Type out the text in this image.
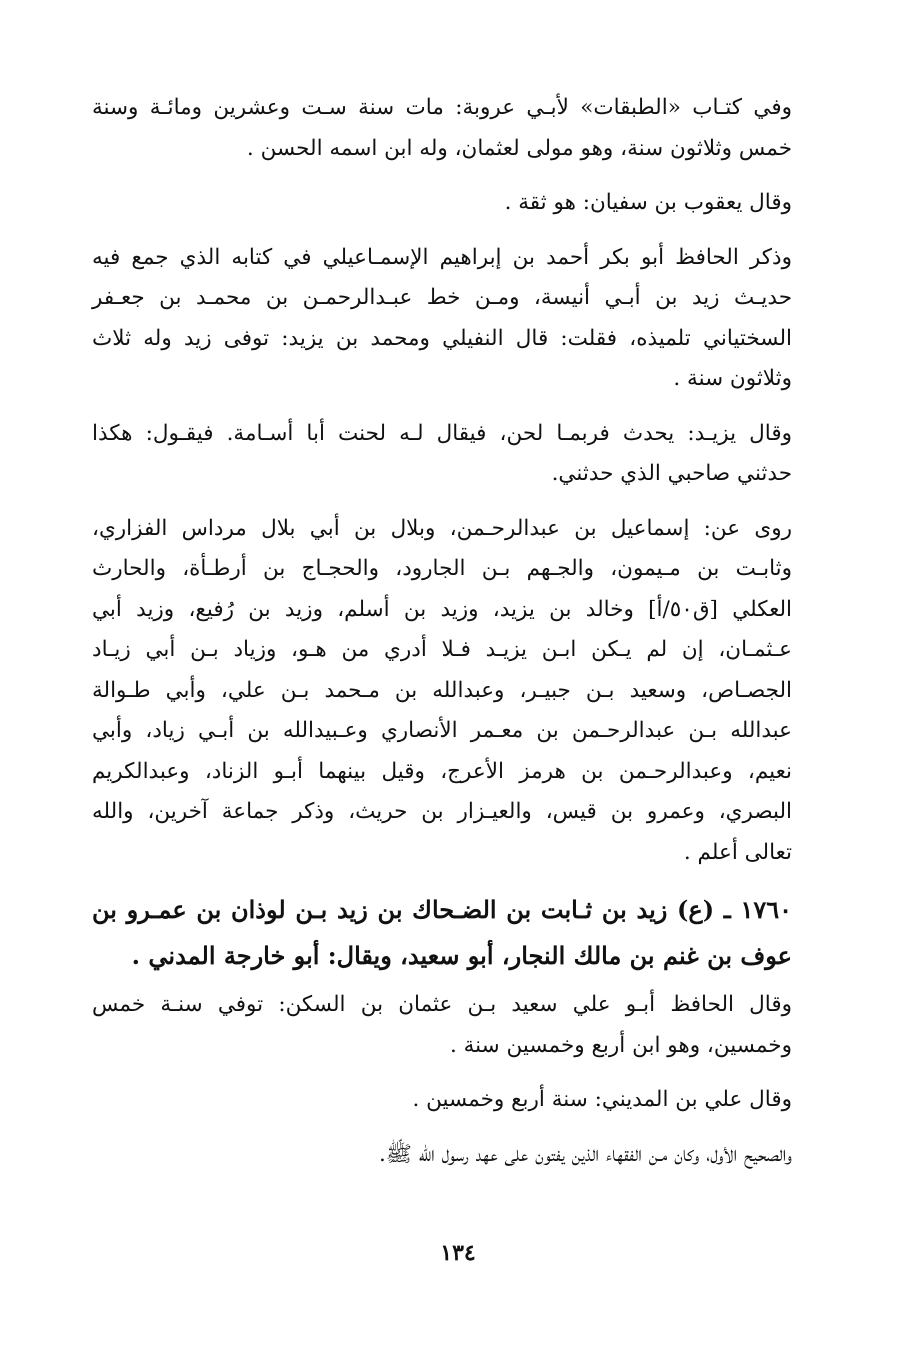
وفي كتـاب «الطبقات» لأبـي عروبة: مات سنة سـت وعشرين ومائـة وسنة
خمس وثلاثون سنة، وهو مولى لعثمان، وله ابن اسمه الحسن .
وقال يعقوب بن سفيان: هو ثقة .
وذكر الحافظ أبو بكر أحمد بن إبراهيم الإسمـاعيلي في كتابه الذي جمع فيه
حديـث زيد بن أبـي أنيسة، ومـن خط عبـدالرحمـن بن محمـد بن جعـفر
السختياني تلميذه، فقلت: قال النفيلي ومحمد بن يزيد: توفى زيد وله ثلاث
وثلاثون سنة .
وقال يزيـد: يحدث فربمـا لحن، فيقال لـه لحنت أبا أسـامة. فيقـول: هكذا
حدثني صاحبي الذي حدثني.
روى عن: إسماعيل بن عبدالرحـمن، وبلال بن أبي بلال مرداس الفزاري،
وثابـت بن مـيمون، والجـهم بـن الجارود، والحجـاج بن أرطـأة، والحارث
العكلي [ق٥٠/أ] وخالد بن يزيد، وزيد بن أسلم، وزيد بن رُفيع، وزيد أبي
عـثمـان، إن لم يـكن ابـن يزيـد فـلا أدري من هـو، وزياد بـن أبي زيـاد
الجصـاص، وسعيد بـن جبيـر، وعبدالله بن مـحمد بـن علي، وأبي طـوالة
عبدالله بـن عبدالرحـمن بن معـمر الأنصاري وعـبيدالله بن أبـي زياد، وأبي
نعيم، وعبدالرحـمن بن هرمز الأعرج، وقيل بينهما أبـو الزناد، وعبدالكريم
البصري، وعمرو بن قيس، والعيـزار بن حريث، وذكر جماعة آخرين، والله
تعالى أعلم .
١٧٦٠ ـ (ع) زيد بن ثـابت بن الضـحاك بن زيد بـن لوذان بن عمـرو بن
عوف بن غنم بن مالك النجار، أبو سعيد، ويقال: أبو خارجة المدني .
وقال الحافظ أبـو علي سعيد بـن عثمان بن السكن: توفي سنـة خمس
وخمسين، وهو ابن أربع وخمسين سنة .
وقال علي بن المديني: سنة أربع وخمسين .
والصحيح الأول، وكان مـن الفقهاء الذين يفتون على عهد رسول الله ﷺ.
١٣٤
